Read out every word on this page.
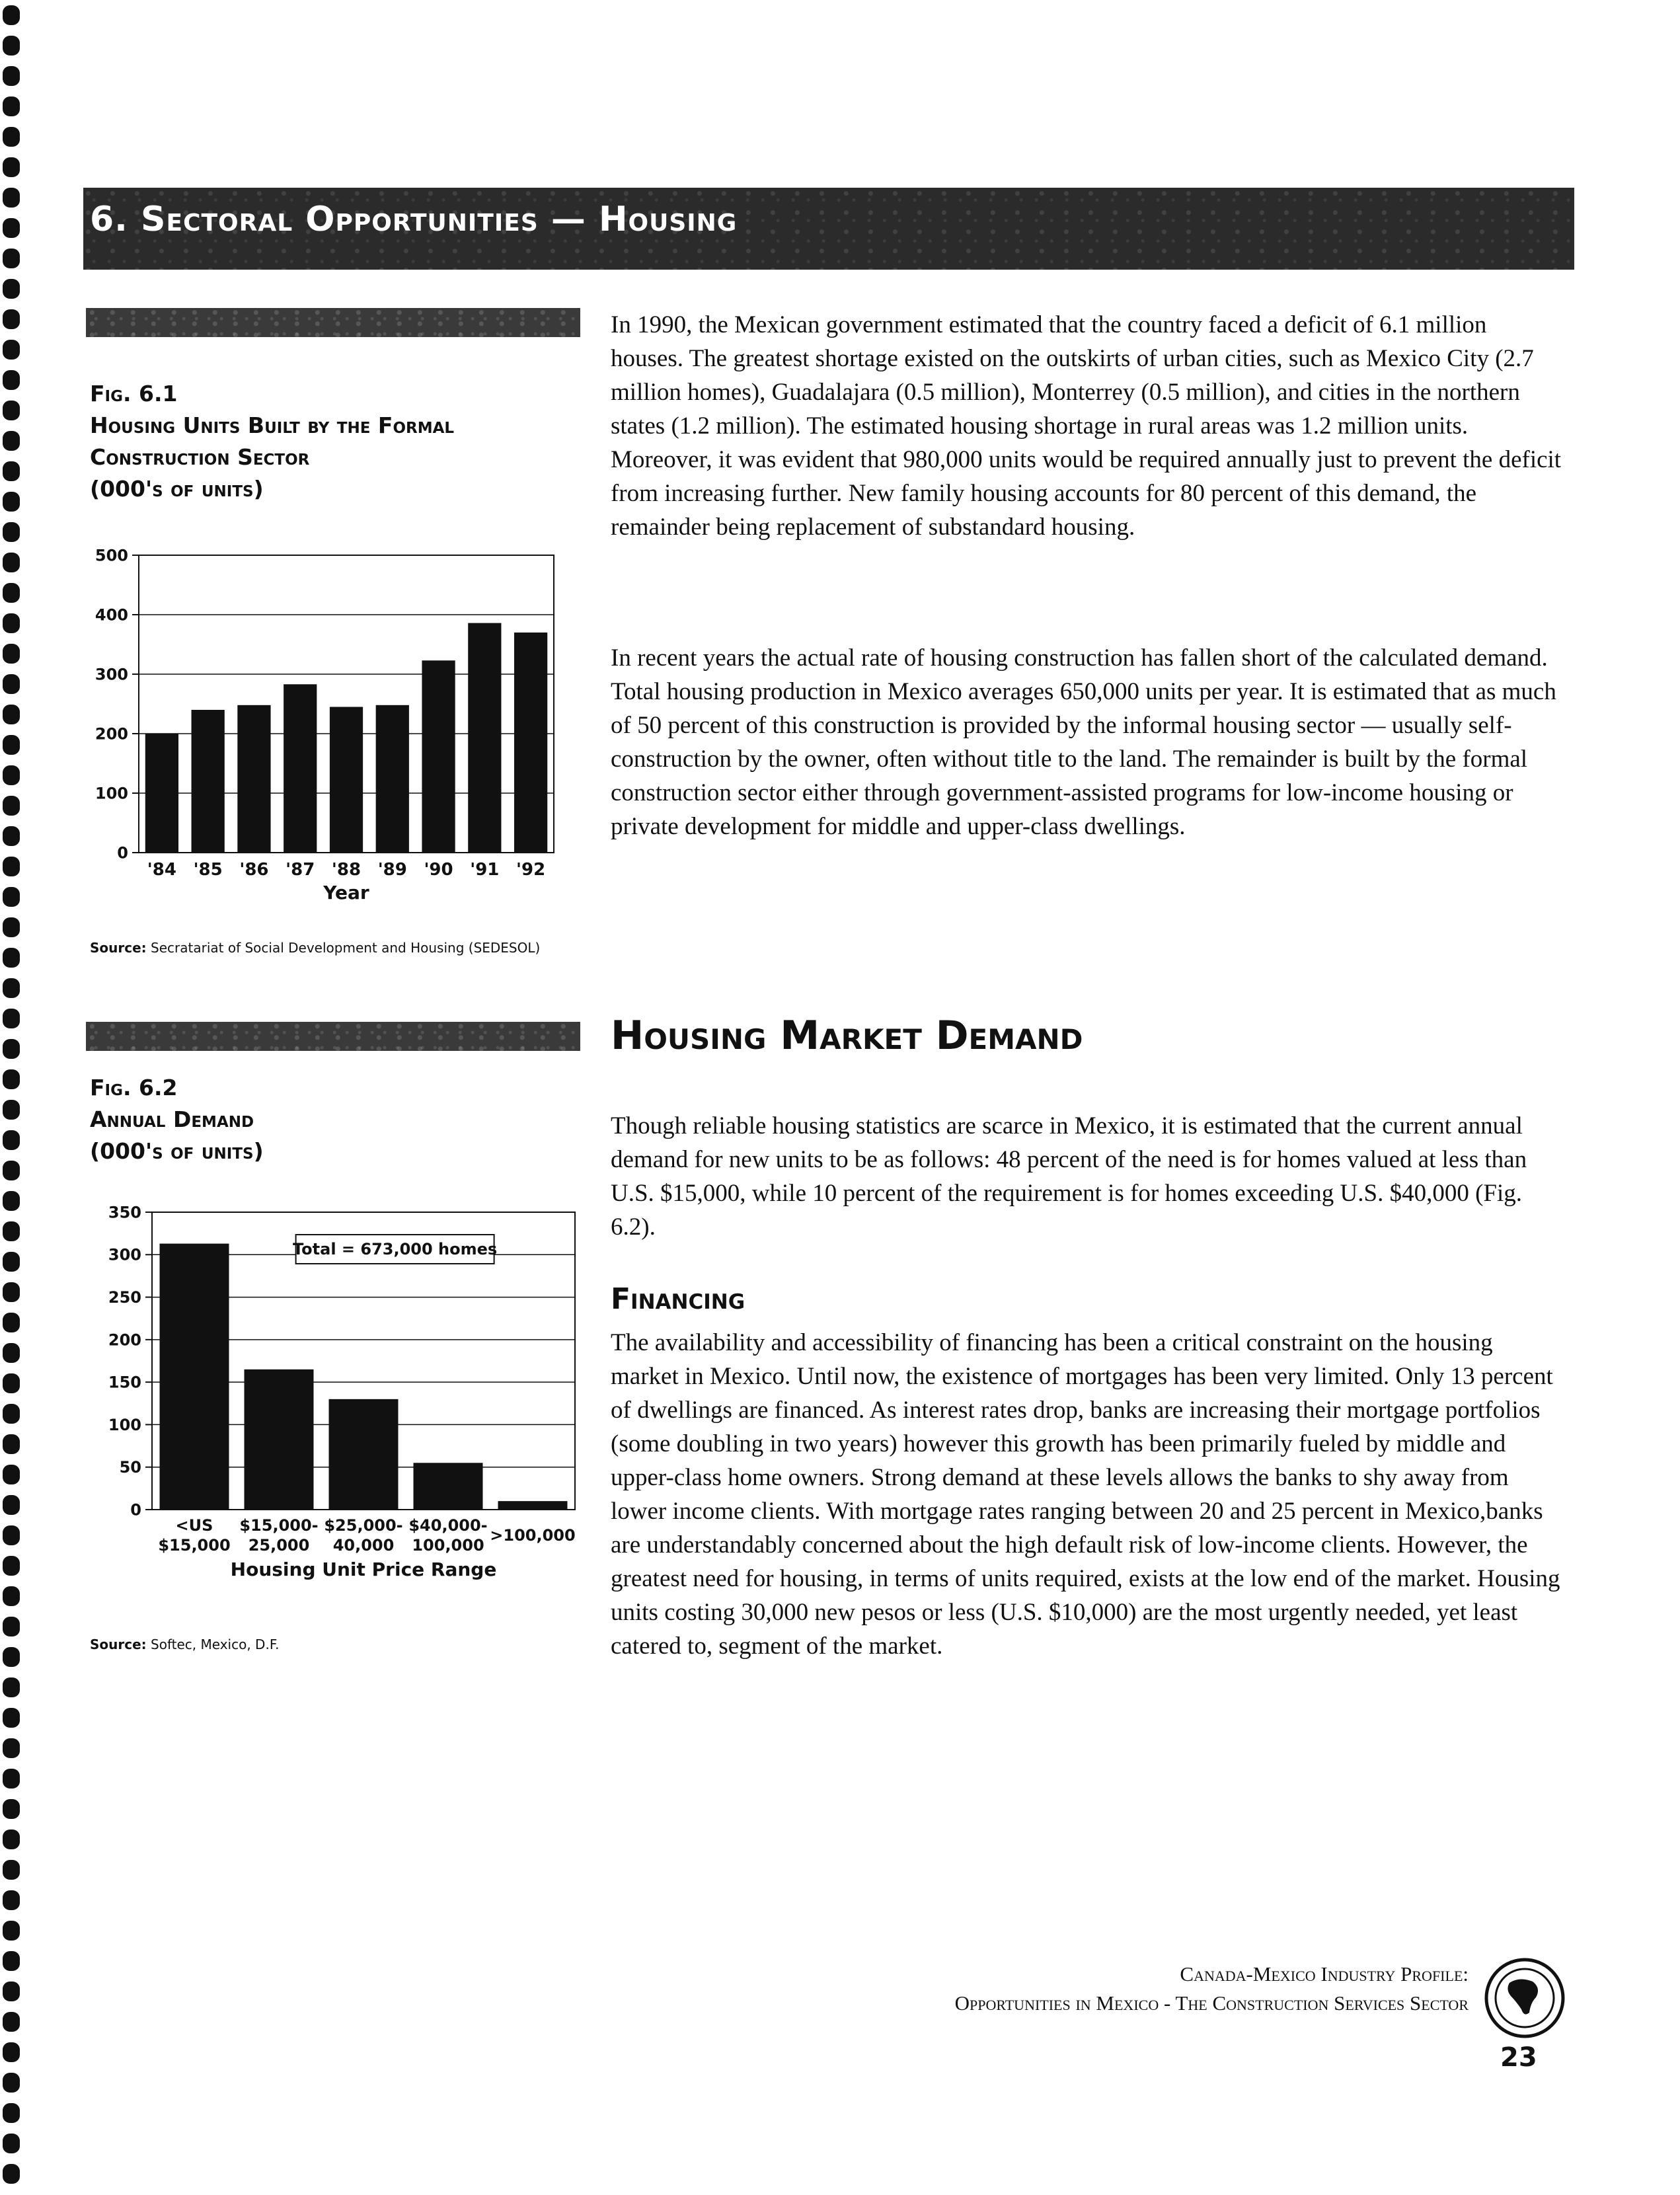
6. Sectoral Opportunities — Housing
Fig. 6.1
Housing Units Built by the Formal
Construction Sector
(000's of units)
0
100
200
300
400
500
'84 '85 '86 '87 '88 '89 '90 '91 '92
Year
Source: Secratariat of Social Development and Housing (SEDESOL)
Fig. 6.2
Annual Demand
(000's of units)
0
50
100
150
200
250
300
350
<US
$15,000
$15,000-
25,000
$25,000-
40,000
$40,000-
100,000
>100,000
Housing Unit Price Range
Total = 673,000 homes
Source: Softec, Mexico, D.F.

In 1990, the Mexican government estimated that the country faced a deficit of 6.1 million houses. The greatest shortage existed on the outskirts of urban cities, such as Mexico City (2.7 million homes), Guadalajara (0.5 million), Monterrey (0.5 million), and cities in the northern states (1.2 million). The estimated housing shortage in rural areas was 1.2 million units. Moreover, it was evident that 980,000 units would be required annually just to prevent the deficit from increasing further. New family housing accounts for 80 percent of this demand, the remainder being replacement of substandard housing.

In recent years the actual rate of housing construction has fallen short of the calculated demand. Total housing production in Mexico averages 650,000 units per year. It is estimated that as much of 50 percent of this construction is provided by the informal housing sector — usually self-construction by the owner, often without title to the land. The remainder is built by the formal construction sector either through government-assisted programs for low-income housing or private development for middle and upper-class dwellings.

Housing Market Demand

Though reliable housing statistics are scarce in Mexico, it is estimated that the current annual demand for new units to be as follows: 48 percent of the need is for homes valued at less than U.S. $15,000, while 10 percent of the requirement is for homes exceeding U.S. $40,000 (Fig. 6.2).

Financing

The availability and accessibility of financing has been a critical constraint on the housing market in Mexico. Until now, the existence of mortgages has been very limited. Only 13 percent of dwellings are financed. As interest rates drop, banks are increasing their mortgage portfolios (some doubling in two years) however this growth has been primarily fueled by middle and upper-class home owners. Strong demand at these levels allows the banks to shy away from lower income clients. With mortgage rates ranging between 20 and 25 percent in Mexico,banks are understandably concerned about the high default risk of low-income clients. However, the greatest need for housing, in terms of units required, exists at the low end of the market. Housing units costing 30,000 new pesos or less (U.S. $10,000) are the most urgently needed, yet least catered to, segment of the market.

Canada-Mexico Industry Profile:
Opportunities in Mexico - The Construction Services Sector
23
